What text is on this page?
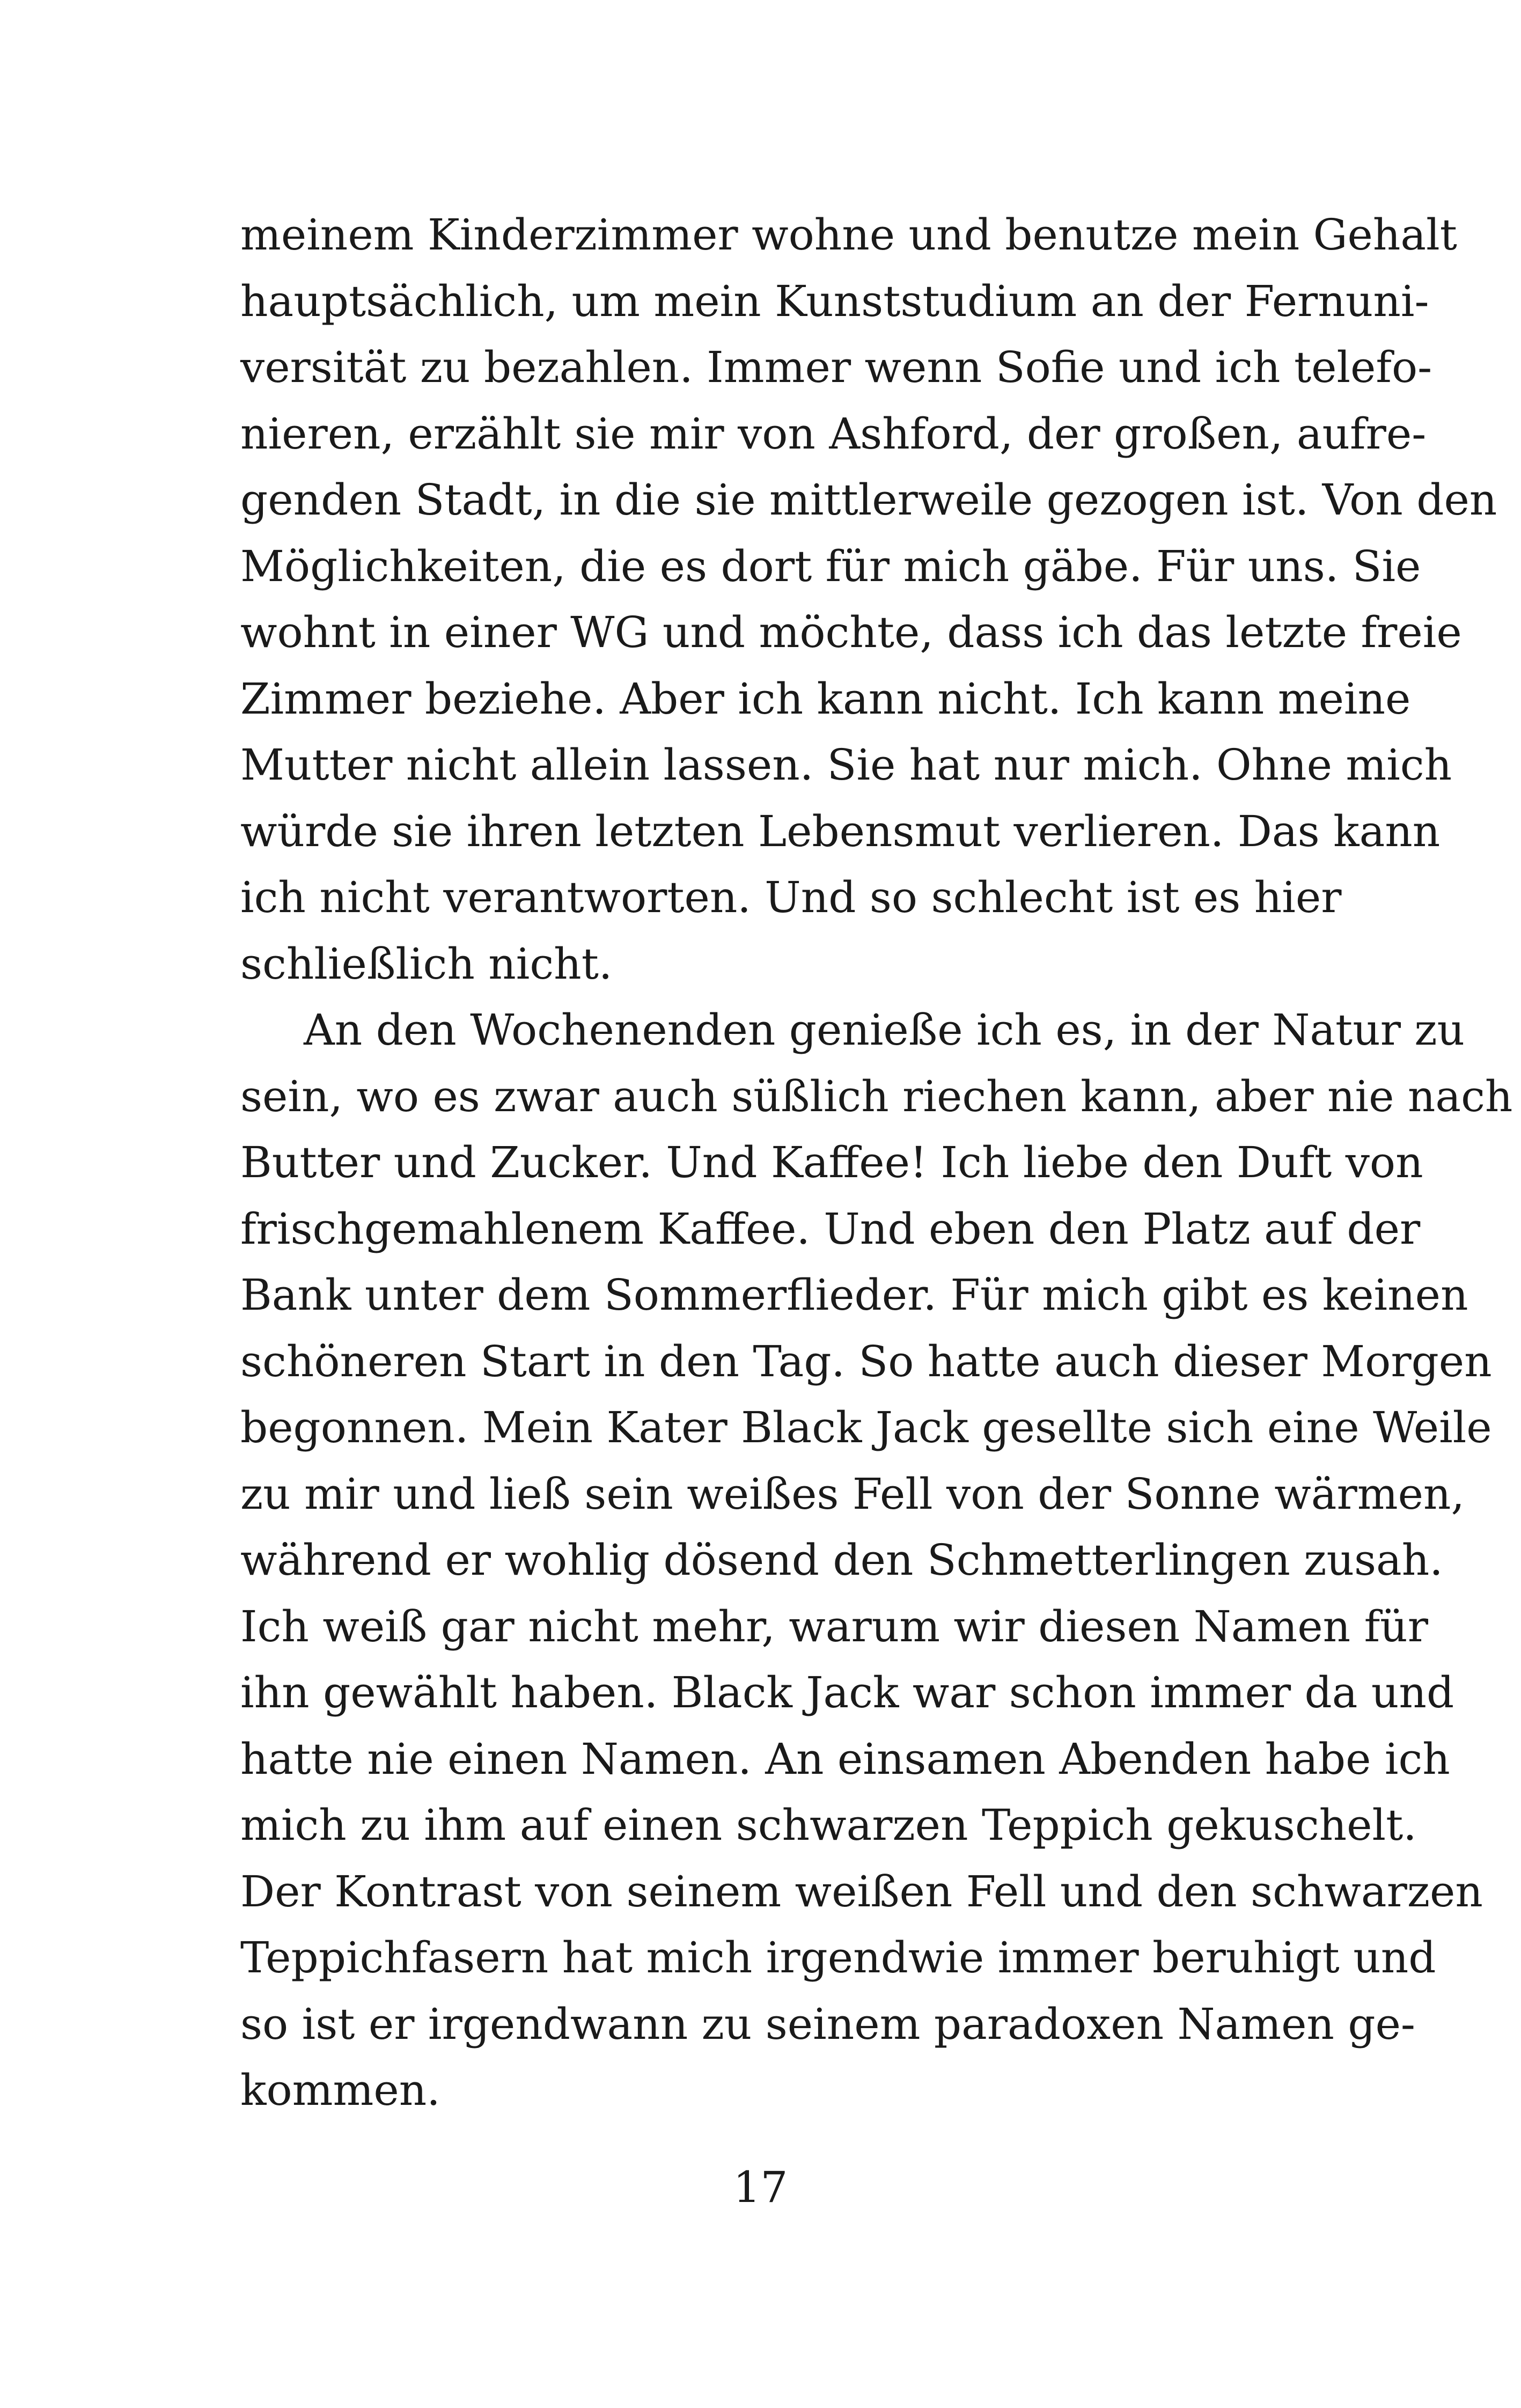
meinem Kinderzimmer wohne und benutze mein Gehalt
hauptsächlich, um mein Kunststudium an der Fernuni-
versität zu bezahlen. Immer wenn Sofie und ich telefo-
nieren, erzählt sie mir von Ashford, der großen, aufre-
genden Stadt, in die sie mittlerweile gezogen ist. Von den
Möglichkeiten, die es dort für mich gäbe. Für uns. Sie
wohnt in einer WG und möchte, dass ich das letzte freie
Zimmer beziehe. Aber ich kann nicht. Ich kann meine
Mutter nicht allein lassen. Sie hat nur mich. Ohne mich
würde sie ihren letzten Lebensmut verlieren. Das kann
ich nicht verantworten. Und so schlecht ist es hier
schließlich nicht.
An den Wochenenden genieße ich es, in der Natur zu
sein, wo es zwar auch süßlich riechen kann, aber nie nach
Butter und Zucker. Und Kaffee! Ich liebe den Duft von
frischgemahlenem Kaffee. Und eben den Platz auf der
Bank unter dem Sommerflieder. Für mich gibt es keinen
schöneren Start in den Tag. So hatte auch dieser Morgen
begonnen. Mein Kater Black Jack gesellte sich eine Weile
zu mir und ließ sein weißes Fell von der Sonne wärmen,
während er wohlig dösend den Schmetterlingen zusah.
Ich weiß gar nicht mehr, warum wir diesen Namen für
ihn gewählt haben. Black Jack war schon immer da und
hatte nie einen Namen. An einsamen Abenden habe ich
mich zu ihm auf einen schwarzen Teppich gekuschelt.
Der Kontrast von seinem weißen Fell und den schwarzen
Teppichfasern hat mich irgendwie immer beruhigt und
so ist er irgendwann zu seinem paradoxen Namen ge-
kommen.
17
